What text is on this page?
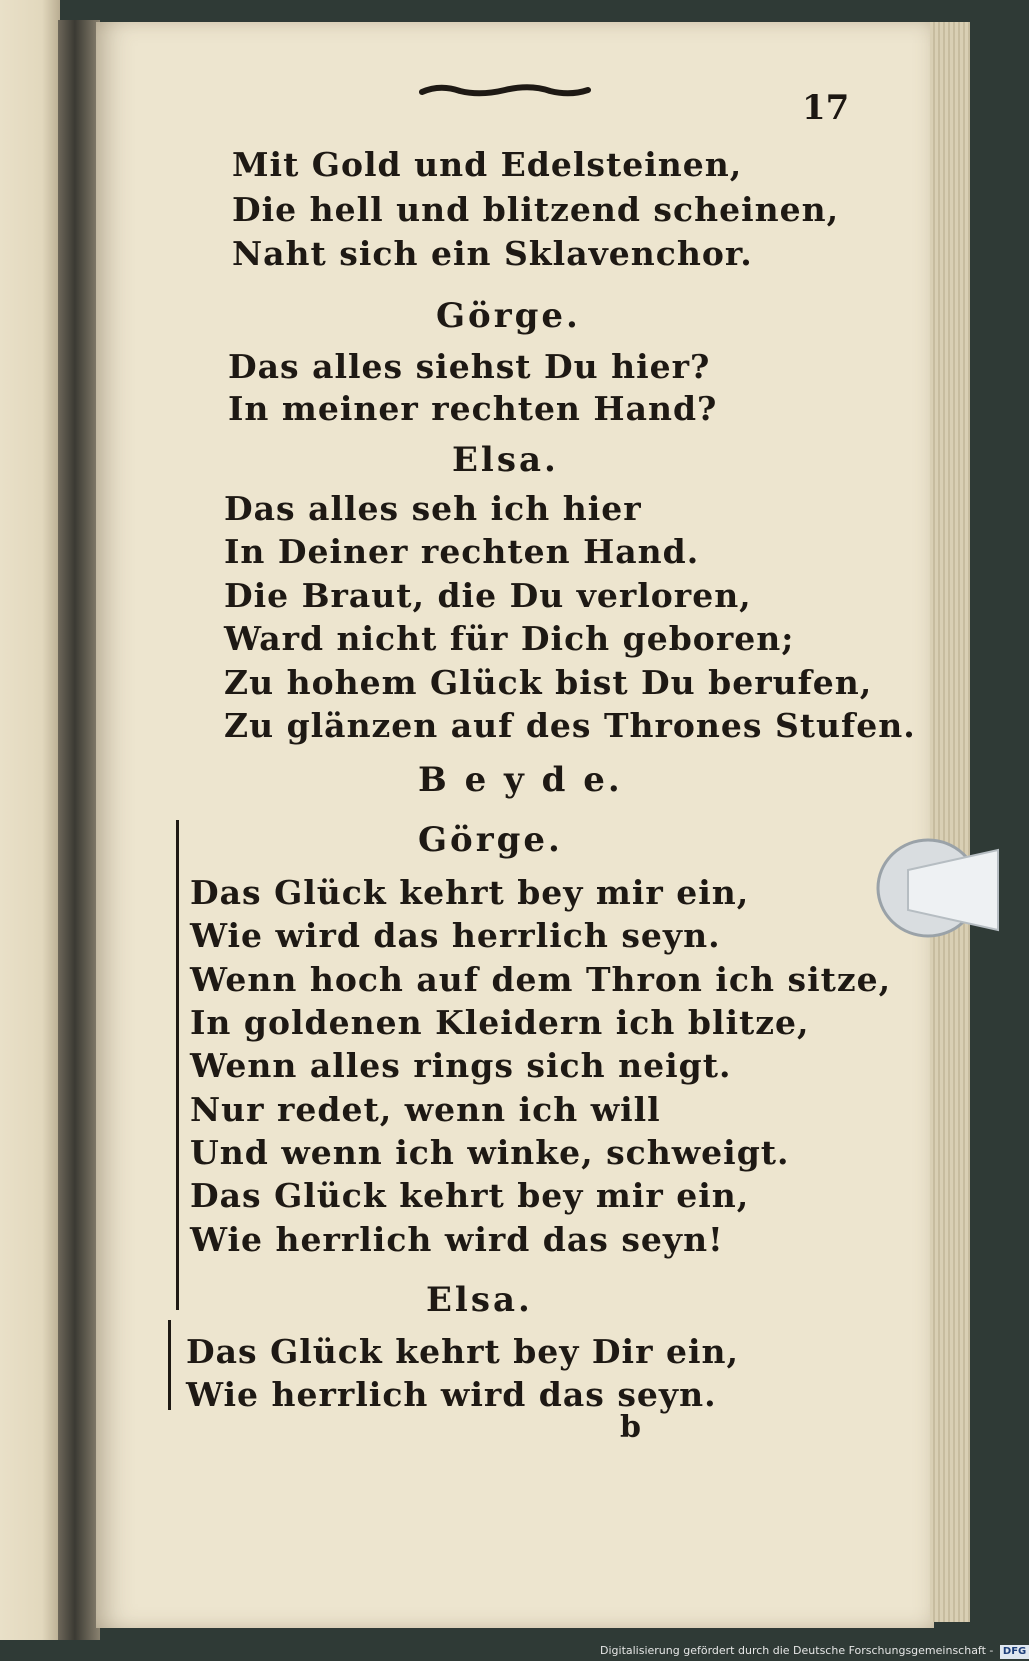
17
Mit Gold und Edelsteinen,
Die hell und blitzend scheinen,
Naht sich ein Sklavenchor.
Görge.
Das alles siehst Du hier?
In meiner rechten Hand?
Elsa.
Das alles seh ich hier
In Deiner rechten Hand.
Die Braut, die Du verloren,
Ward nicht für Dich geboren;
Zu hohem Glück bist Du berufen,
Zu glänzen auf des Thrones Stufen.
B e y d e.
Görge.
Das Glück kehrt bey mir ein,
Wie wird das herrlich seyn.
Wenn hoch auf dem Thron ich sitze,
In goldenen Kleidern ich blitze,
Wenn alles rings sich neigt.
Nur redet, wenn ich will
Und wenn ich winke, schweigt.
Das Glück kehrt bey mir ein,
Wie herrlich wird das seyn!
Elsa.
Das Glück kehrt bey Dir ein,
Wie herrlich wird das seyn.
b
Digitalisierung gefördert durch die Deutsche Forschungsgemeinschaft - DFG
